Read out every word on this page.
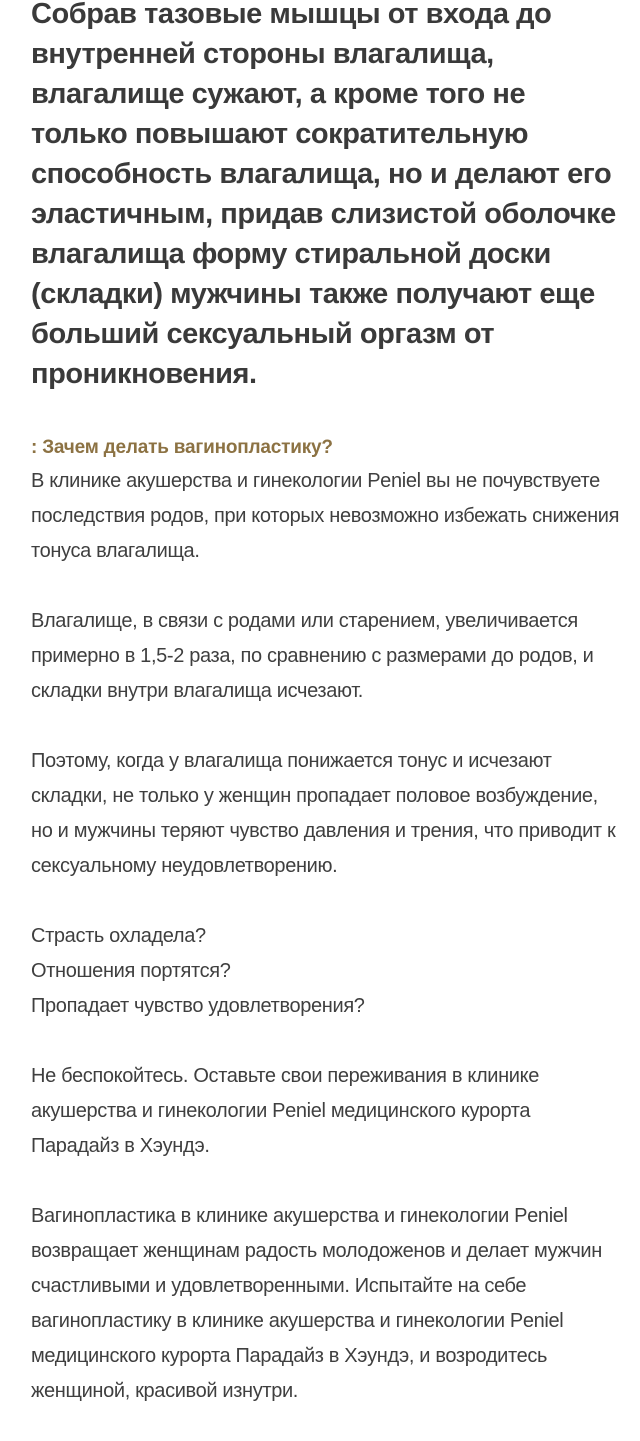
Собрав тазовые мышцы от входа до внутренней стороны влагалища, влагалище сужают, а кроме того не только повышают сократительную способность влагалища, но и делают его эластичным, придав слизистой оболочке влагалища форму стиральной доски (складки) мужчины также получают еще больший сексуальный оргазм от проникновения.
: Зачем делать вагинопластику?

В клинике акушерства и гинекологии Peniel вы не почувствуете последствия родов, при которых невозможно избежать снижения тонуса влагалища.

Влагалище, в связи с родами или старением, увеличивается примерно в 1,5-2 раза, по сравнению с размерами до родов, и складки внутри влагалища исчезают.

Поэтому, когда у влагалища понижается тонус и исчезают складки, не только у женщин пропадает половое возбуждение, но и мужчины теряют чувство давления и трения, что приводит к сексуальному неудовлетворению.

Страсть охладела?
Отношения портятся?
Пропадает чувство удовлетворения?

Не беспокойтесь. Оставьте свои переживания в клинике акушерства и гинекологии Peniel медицинского курорта Парадайз в Хэундэ.

Вагинопластика в клинике акушерства и гинекологии Peniel возвращает женщинам радость молодоженов и делает мужчин счастливыми и удовлетворенными. Испытайте на себе вагинопластику в клинике акушерства и гинекологии Peniel медицинского курорта Парадайз в Хэундэ, и возродитесь женщиной, красивой изнутри.
